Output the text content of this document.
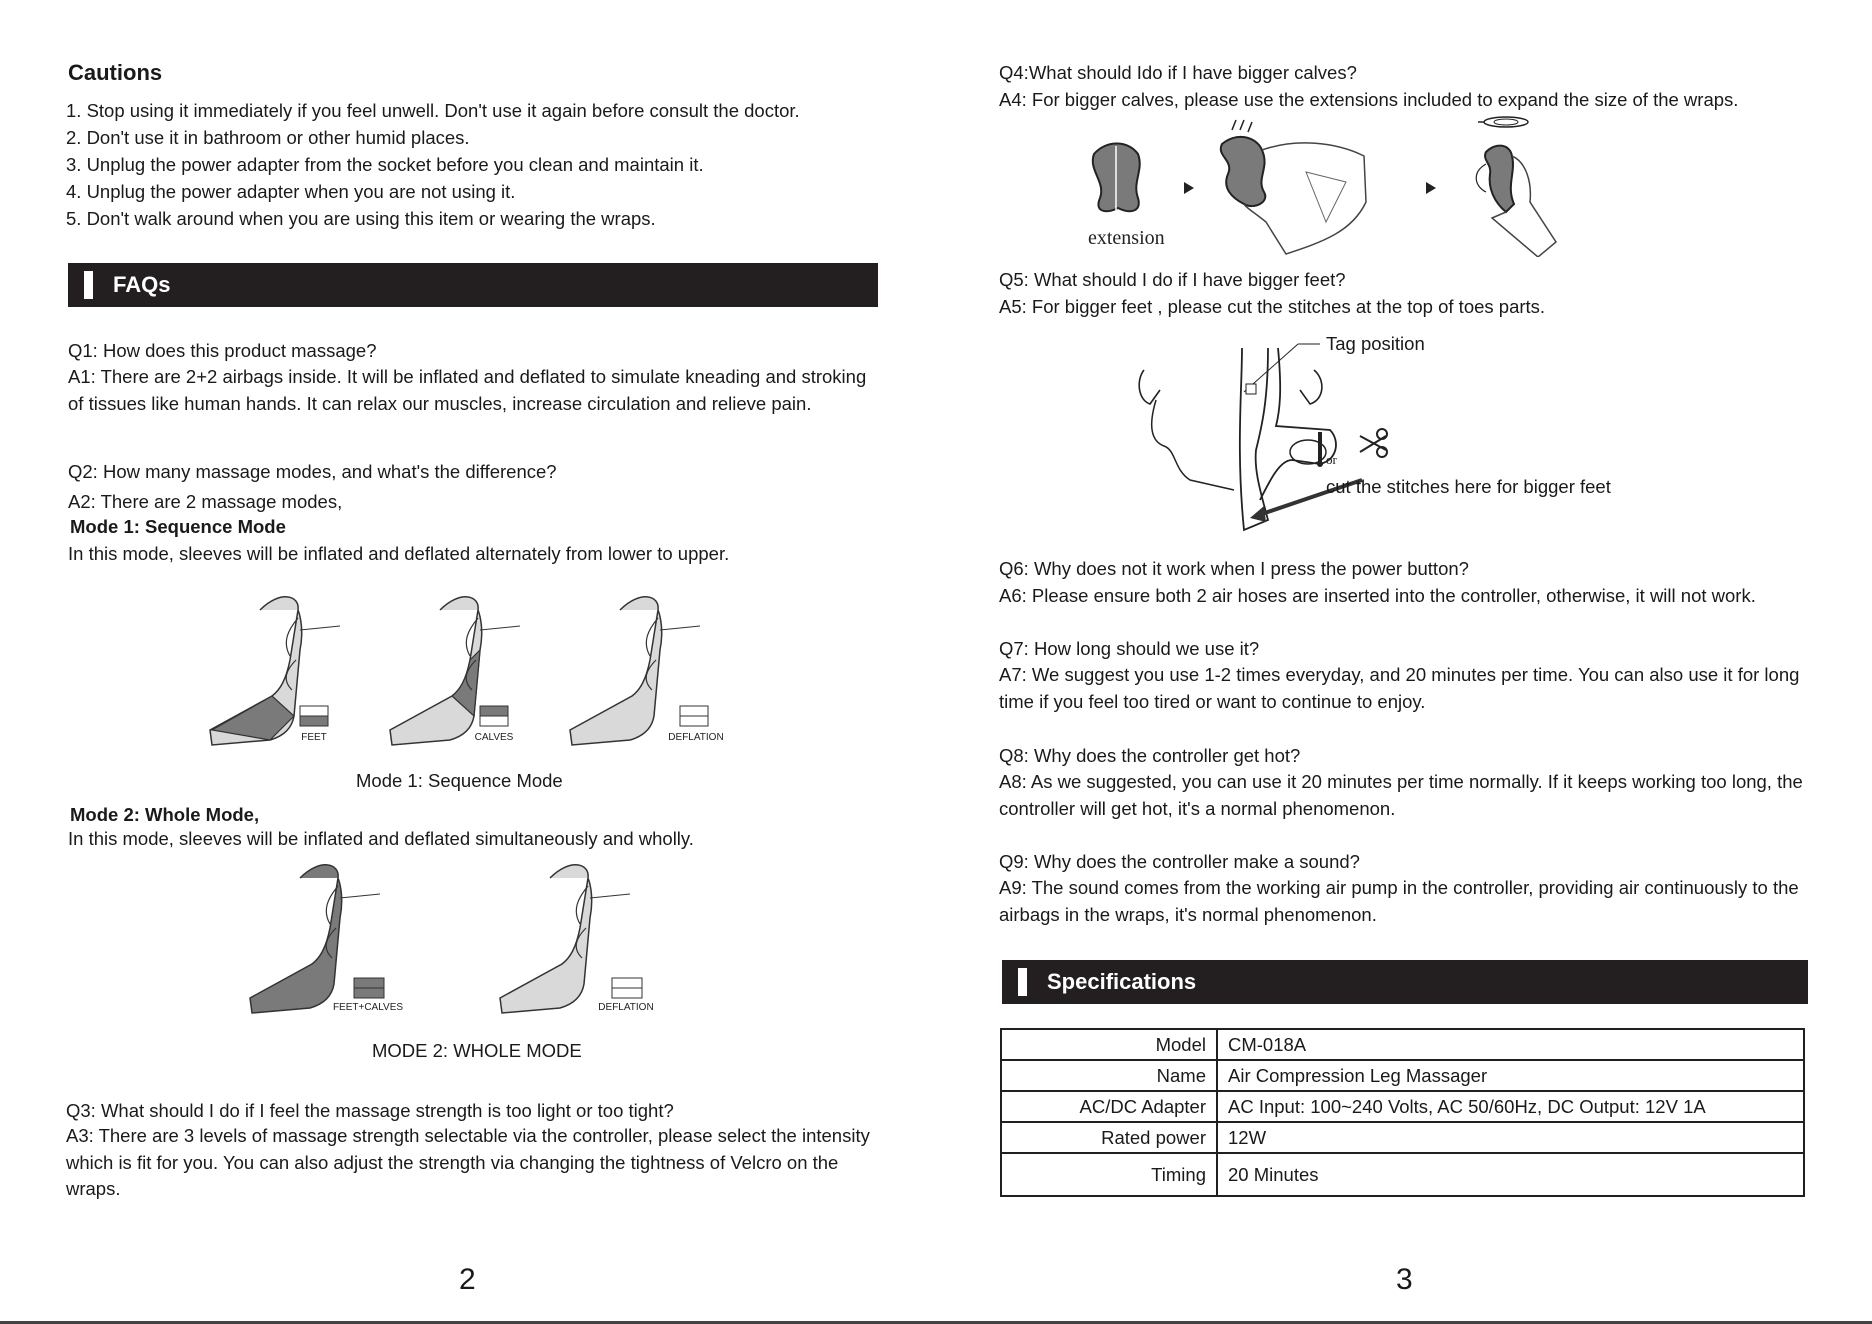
Cautions
1. Stop using it immediately if you feel unwell. Don't use it again before consult the doctor.
2. Don't use it in bathroom or other humid places.
3. Unplug the power adapter from the socket before you clean and maintain it.
4. Unplug the power adapter when you are not using it.
5. Don't walk around when you are using this item or wearing the wraps.
FAQs
Q1: How does this product massage?
A1: There are 2+2 airbags inside. It will be inflated and deflated to simulate kneading and stroking of tissues like human hands. It can relax our muscles, increase circulation and relieve pain.
Q2: How many massage modes, and what's the difference?
A2: There are 2 massage modes,
Mode 1: Sequence Mode
In this mode, sleeves will be inflated and deflated alternately from lower to upper.
FEET	CALVES	DEFLATION
Mode 1: Sequence Mode
Mode 2: Whole Mode,
In this mode, sleeves will be inflated and deflated simultaneously and wholly.
FEET+CALVES	DEFLATION
MODE 2: WHOLE MODE
Q3: What should I do if I feel the massage strength is too light or too tight?
A3: There are 3 levels of massage strength selectable via the controller, please select the intensity which is fit for you. You can also adjust the strength via changing the tightness of Velcro on the wraps.
2
Q4:What should Ido if I have bigger calves?
A4: For bigger calves, please use the extensions included to expand the size of the wraps.
extension
Q5: What should I do if I have bigger feet?
A5: For bigger feet , please cut the stitches at the top of toes parts.
or
Tag position
cut the stitches here for bigger feet
Q6: Why does not it work when I press the power button?
A6: Please ensure both 2 air hoses are inserted into the controller, otherwise, it will not work.
Q7: How long should we use it?
A7: We suggest you use 1-2 times everyday, and 20 minutes per time. You can also use it for long time if you feel too tired or want to continue to enjoy.
Q8: Why does the controller get hot?
A8: As we suggested, you can use it 20 minutes per time normally. If it keeps working too long, the controller will get hot, it's a normal phenomenon.
Q9: Why does the controller make a sound?
A9: The sound comes from the working air pump in the controller, providing air continuously to the airbags in the wraps, it's normal phenomenon.
Specifications
3
Model	CM-018A
Name	Air Compression Leg Massager
AC/DC Adapter	AC Input: 100~240 Volts, AC 50/60Hz, DC Output: 12V 1A
Rated power	12W
Timing	20 Minutes
